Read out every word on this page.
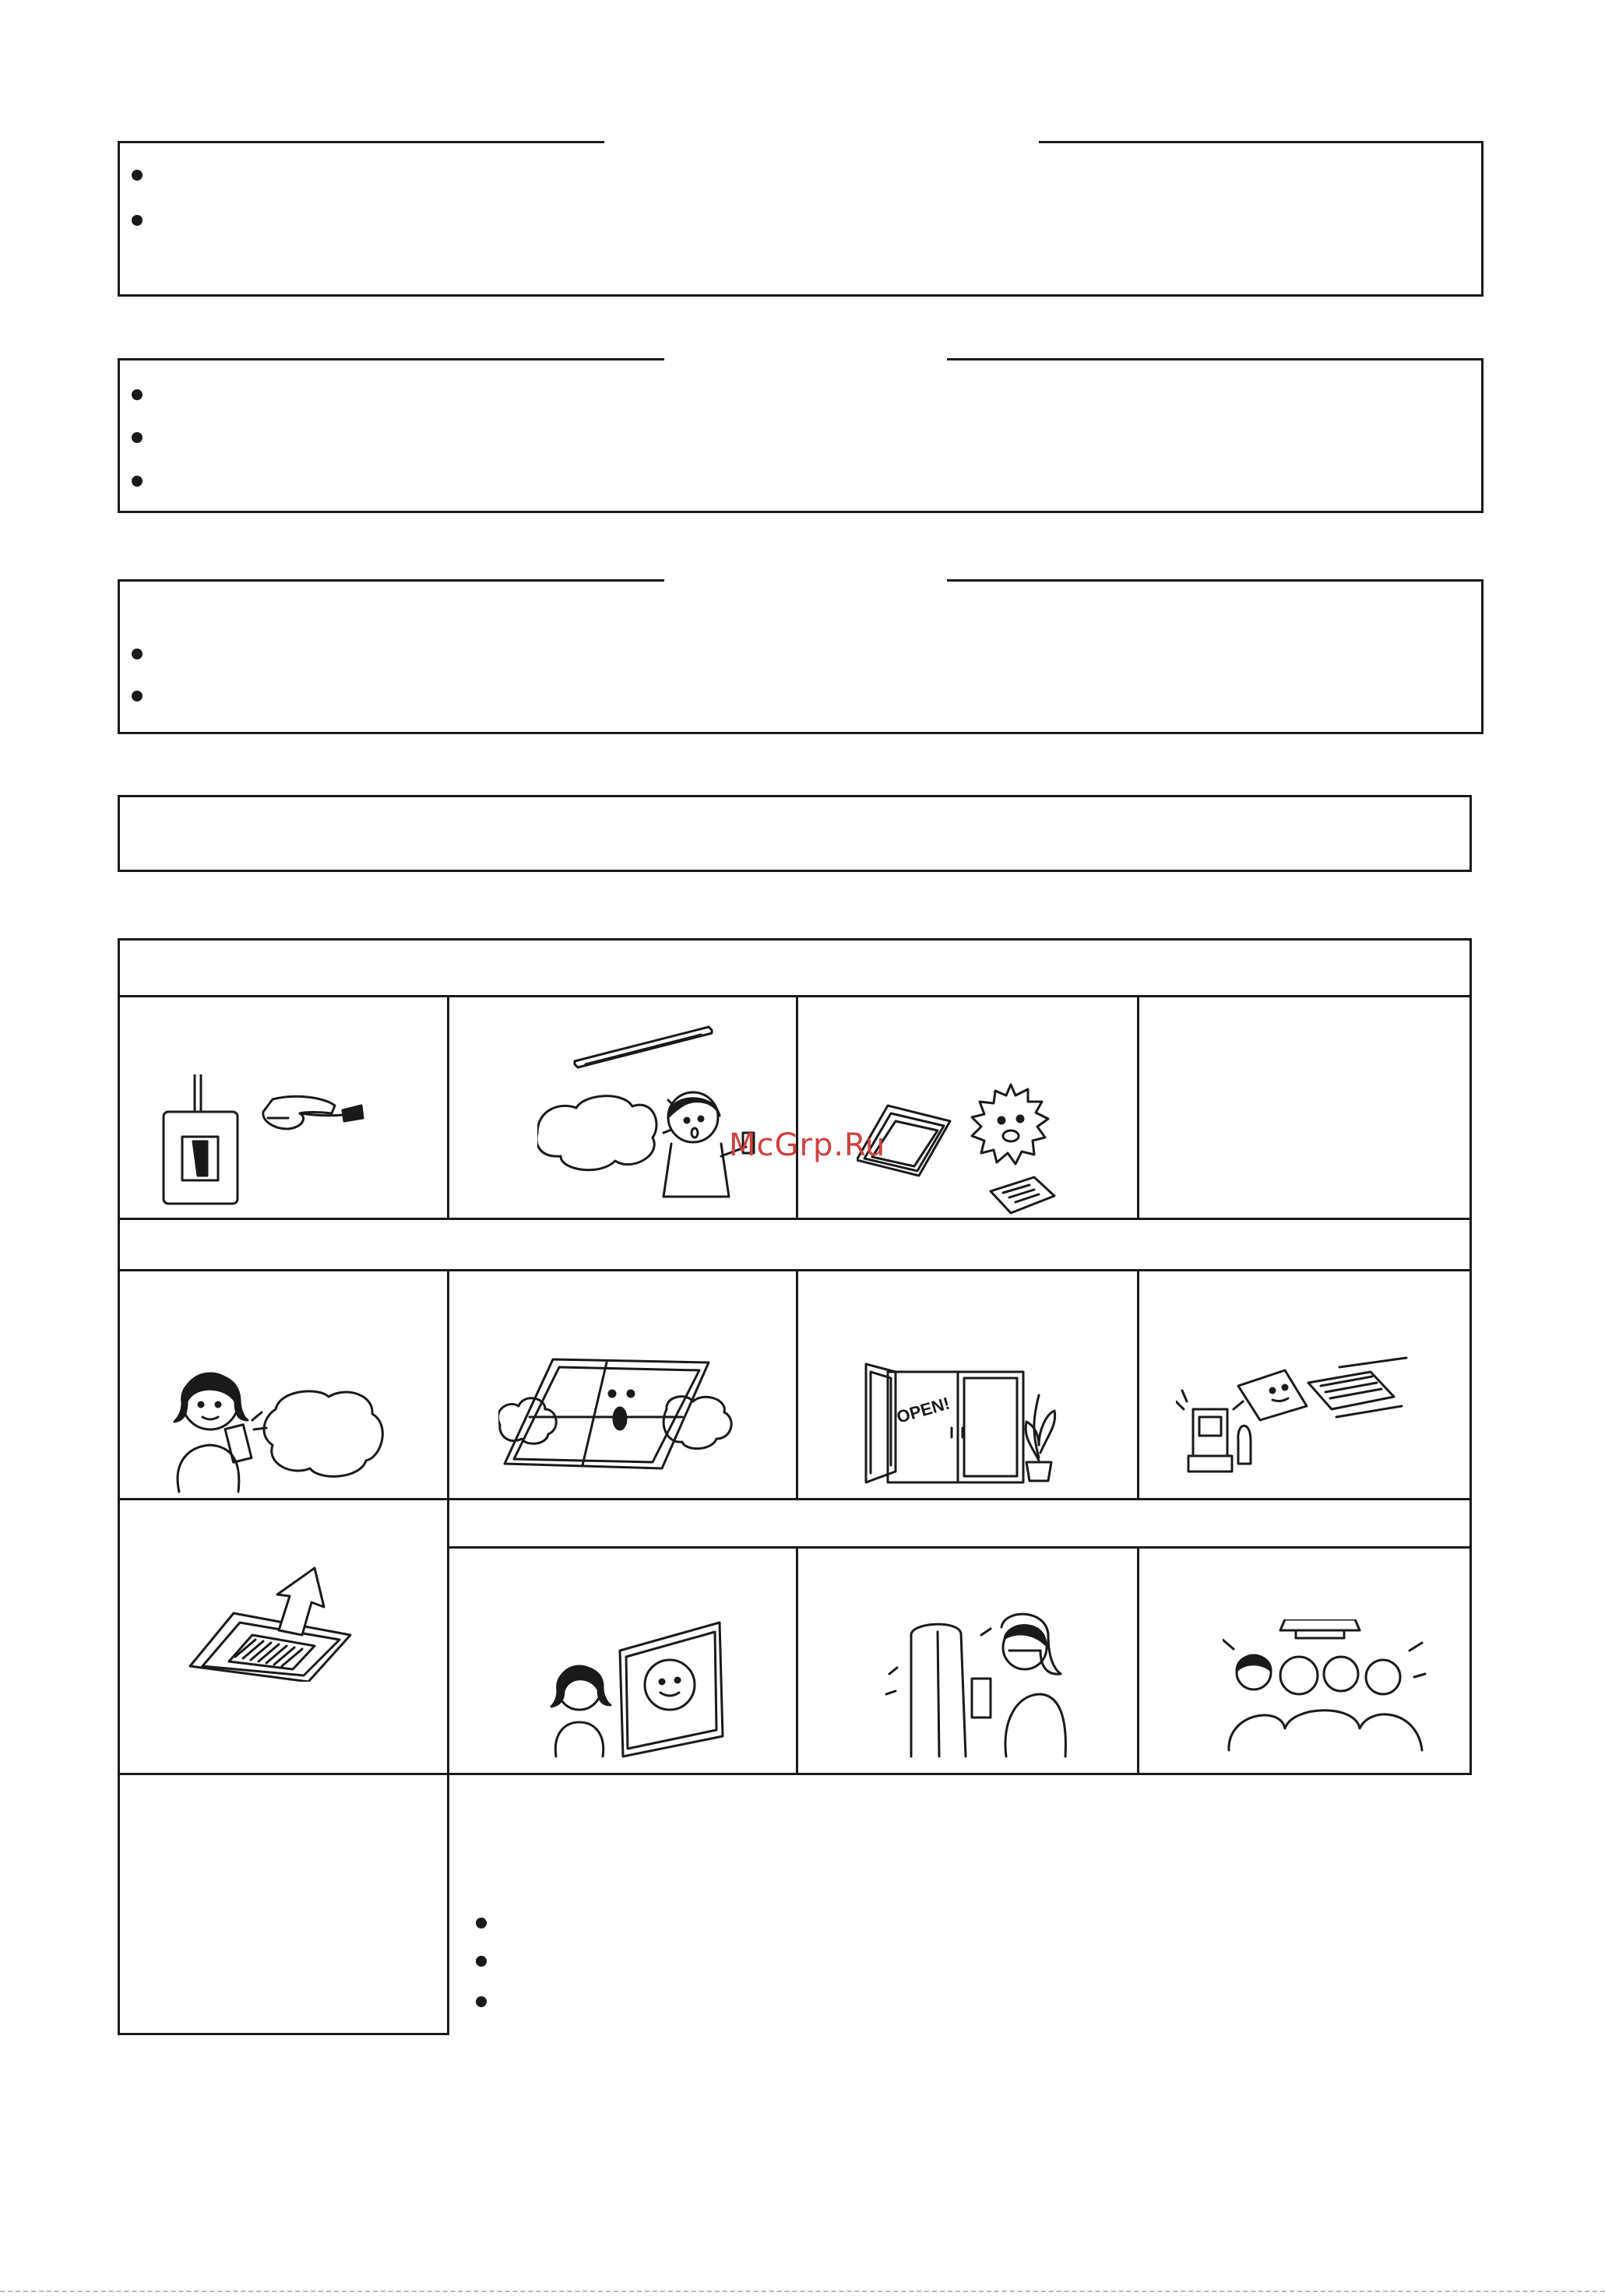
OPEN!
McGrp.Ru
